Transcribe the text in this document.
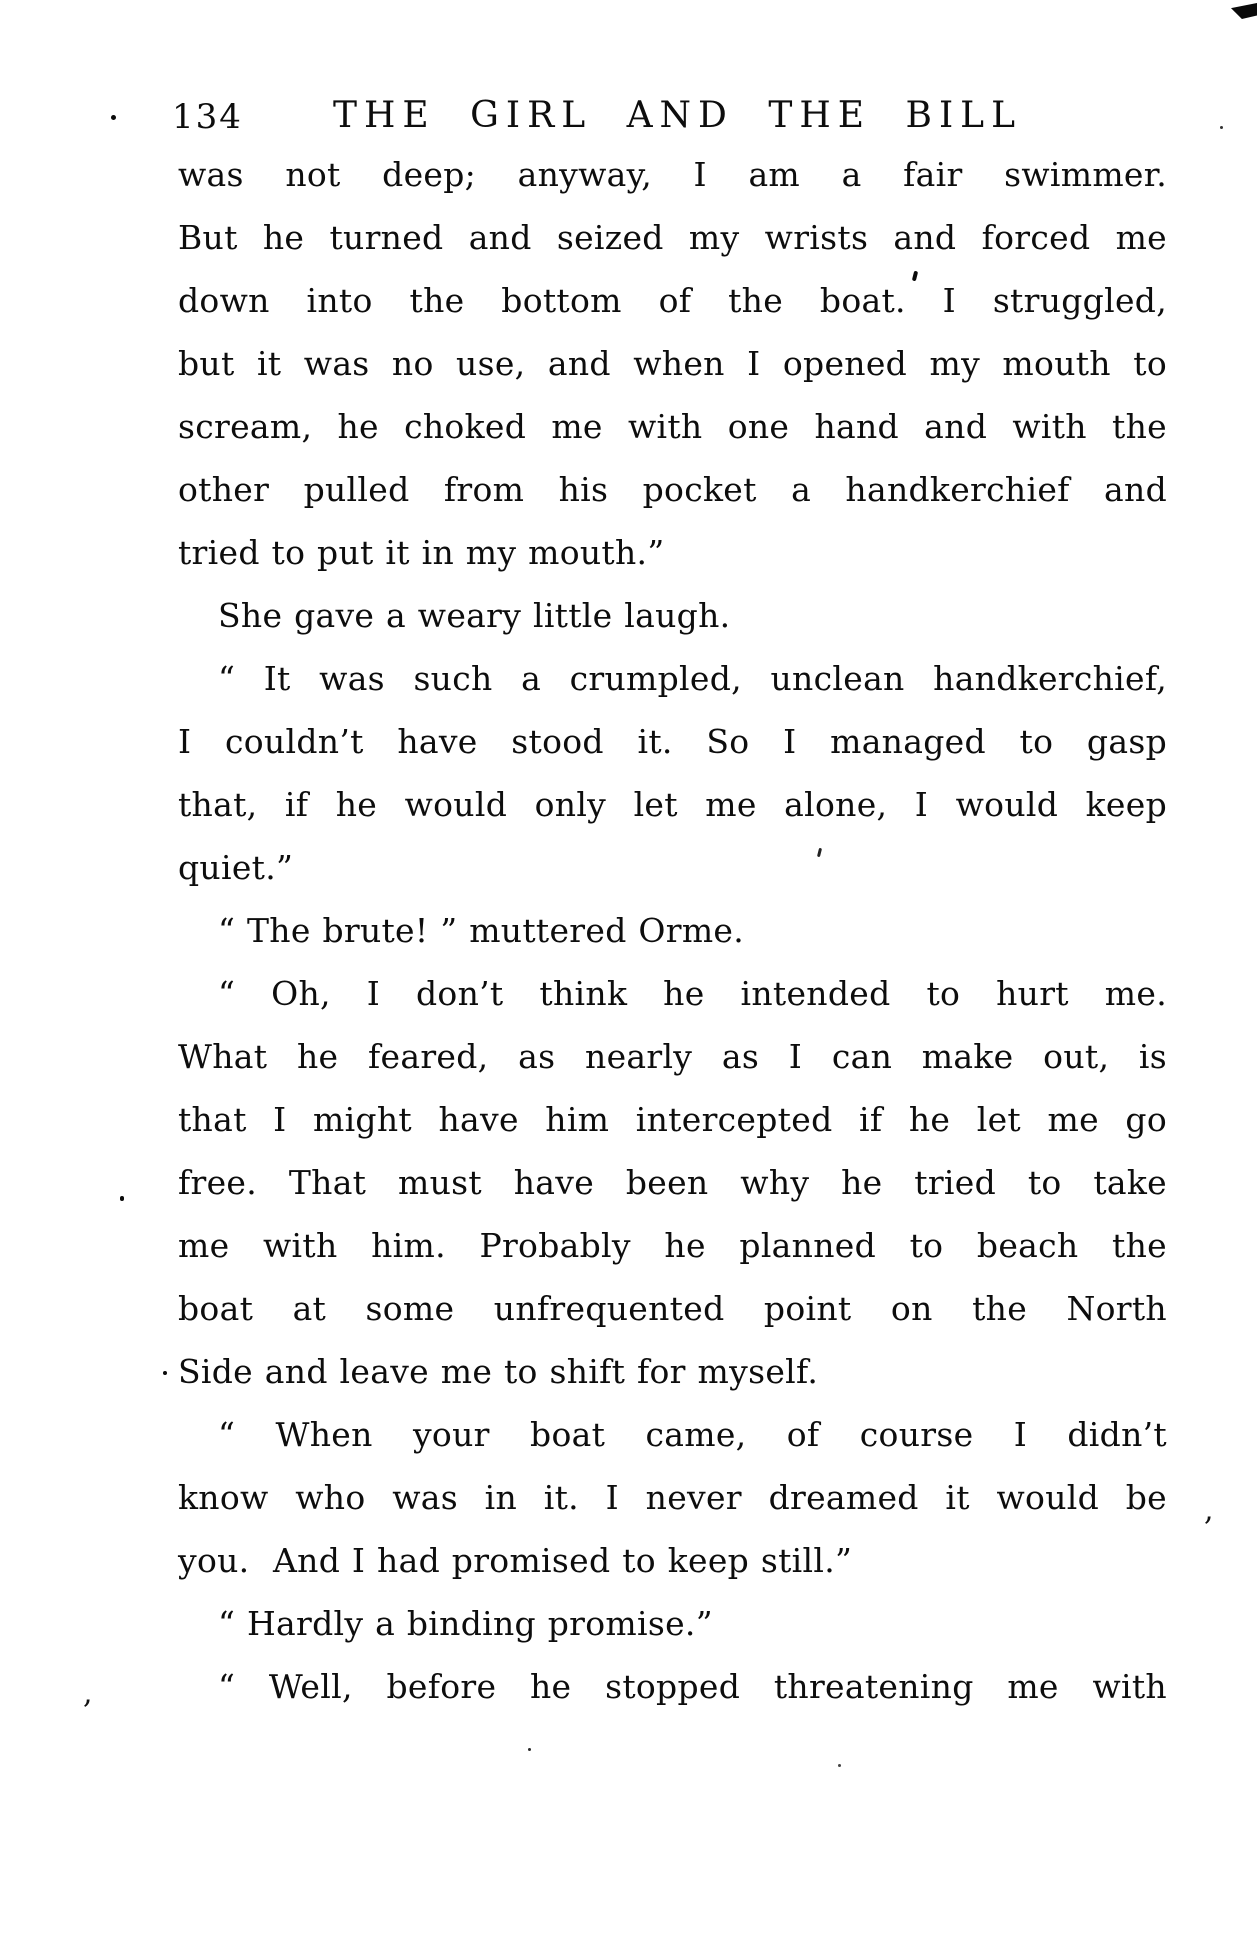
134	THE GIRL AND THE BILL
was not deep; anyway, I am a fair swimmer.
But he turned and seized my wrists and forced me
down into the bottom of the boat. I struggled,
but it was no use, and when I opened my mouth to
scream, he choked me with one hand and with the
other pulled from his pocket a handkerchief and
tried to put it in my mouth.”
She gave a weary little laugh.
“ It was such a crumpled, unclean handkerchief,
I couldn’t have stood it. So I managed to gasp
that, if he would only let me alone, I would keep
quiet.”
“ The brute! ” muttered Orme.
“ Oh, I don’t think he intended to hurt me.
What he feared, as nearly as I can make out, is
that I might have him intercepted if he let me go
free. That must have been why he tried to take
me with him. Probably he planned to beach the
boat at some unfrequented point on the North
Side and leave me to shift for myself.
“ When your boat came, of course I didn’t
know who was in it. I never dreamed it would be
you.  And I had promised to keep still.”
“ Hardly a binding promise.”
“ Well, before he stopped threatening me with
,
,
